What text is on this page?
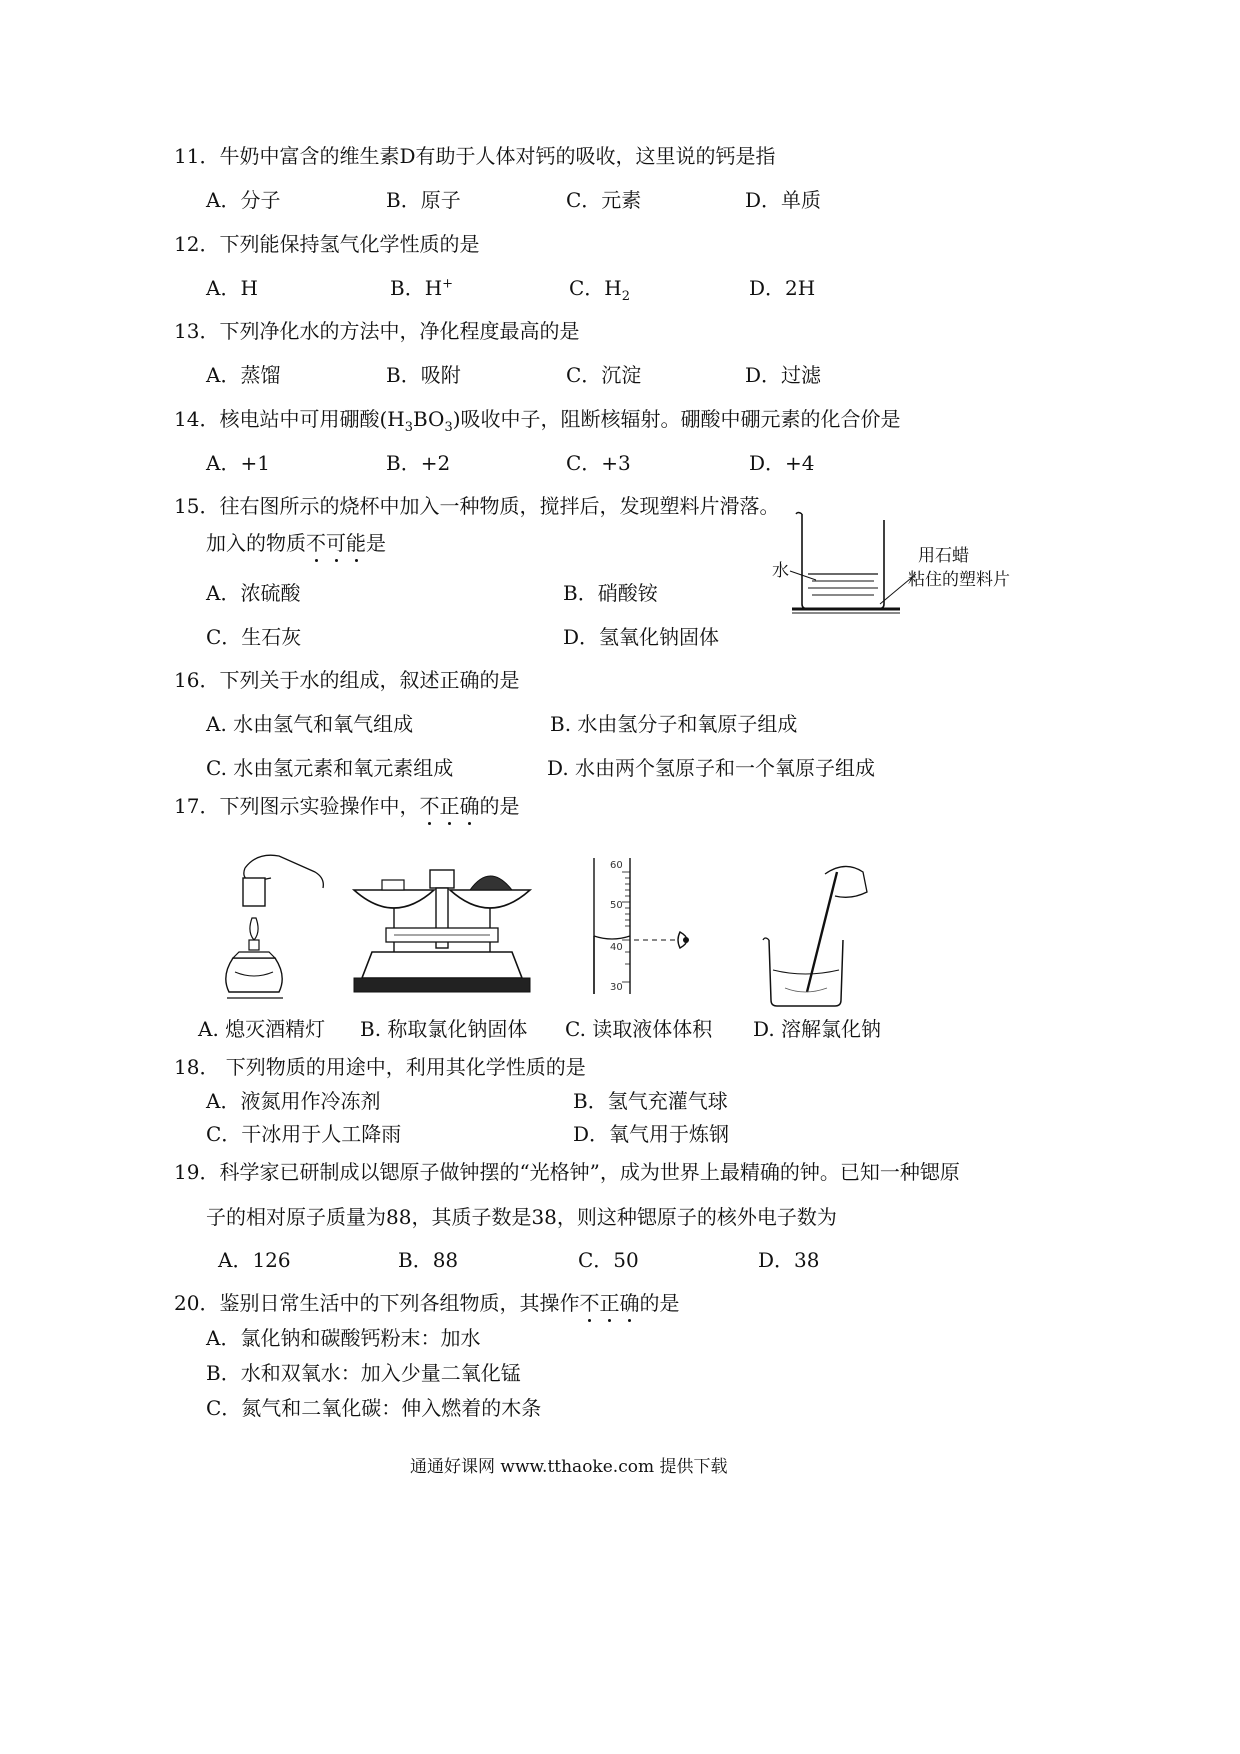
11．牛奶中富含的维生素D有助于人体对钙的吸收，这里说的钙是指
A．分子	B．原子	C．元素	D．单质
12．下列能保持氢气化学性质的是
A．H	B．H+	C．$H_2$	D．2H
13．下列净化水的方法中，净化程度最高的是
A．蒸馏	B．吸附	C．沉淀	D．过滤
14．核电站中可用硼酸$(H_3BO_3)$吸收中子，阻断核辐射。硼酸中硼元素的化合价是
A．+1	B．+2	C．+3	D．+4
15．往右图所示的烧杯中加入一种物质，搅拌后，发现塑料片滑落。
加入的物质不可能是
A．浓硫酸	B．硝酸铵
C．生石灰	D．氢氧化钠固体
水
用石蜡
粘住的塑料片
16．下列关于水的组成，叙述正确的是
A. 水由氢气和氧气组成	B. 水由氢分子和氧原子组成
C. 水由氢元素和氧元素组成	D. 水由两个氢原子和一个氧原子组成
17．下列图示实验操作中，不正确的是
60
50
40
30
A. 熄灭酒精灯 B. 称取氯化钠固体 C. 读取液体体积 D. 溶解氯化钠
18． 下列物质的用途中，利用其化学性质的是
A．液氮用作冷冻剂	B．氢气充灌气球
C．干冰用于人工降雨	D．氧气用于炼钢
19．科学家已研制成以锶原子做钟摆的“光格钟”，成为世界上最精确的钟。已知一种锶原
子的相对原子质量为88，其质子数是38，则这种锶原子的核外电子数为
A．126	B．88	C．50	D．38
20．鉴别日常生活中的下列各组物质，其操作不正确的是
A．氯化钠和碳酸钙粉末：加水
B．水和双氧水：加入少量二氧化锰
C．氮气和二氧化碳：伸入燃着的木条
通通好课网 www.tthaoke.com 提供下载
